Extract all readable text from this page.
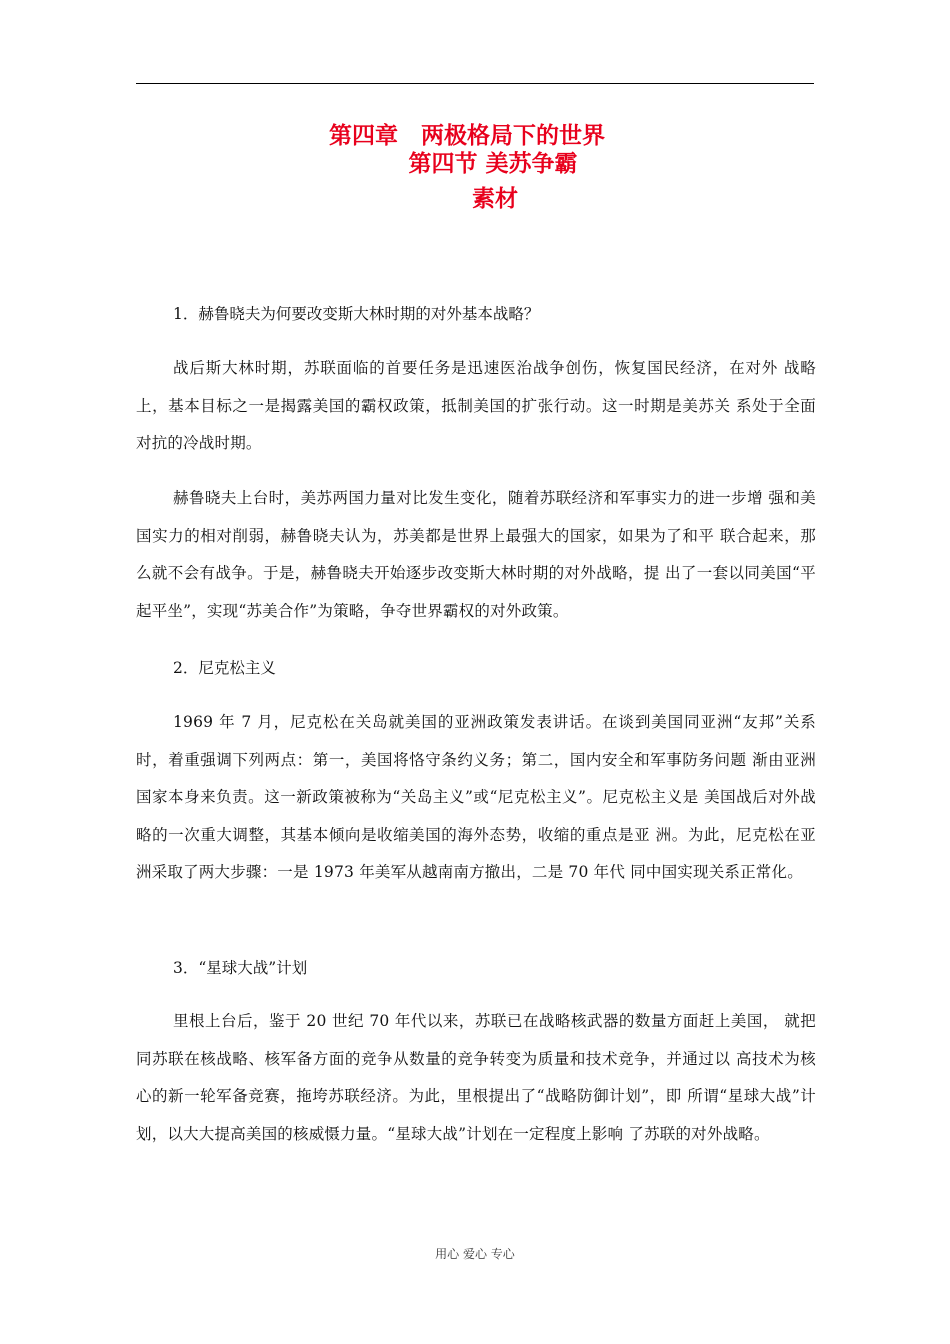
第四章　两极格局下的世界
第四节 美苏争霸
素材
1．赫鲁晓夫为何要改变斯大林时期的对外基本战略？

战后斯大林时期，苏联面临的首要任务是迅速医治战争创伤，恢复国民经济，在对外 战略上，基本目标之一是揭露美国的霸权政策，抵制美国的扩张行动。这一时期是美苏关 系处于全面对抗的冷战时期。

赫鲁晓夫上台时，美苏两国力量对比发生变化，随着苏联经济和军事实力的进一步增 强和美国实力的相对削弱，赫鲁晓夫认为，苏美都是世界上最强大的国家，如果为了和平 联合起来，那么就不会有战争。于是，赫鲁晓夫开始逐步改变斯大林时期的对外战略，提 出了一套以同美国“平起平坐”，实现“苏美合作”为策略，争夺世界霸权的对外政策。

2．尼克松主义

1969 年 7 月，尼克松在关岛就美国的亚洲政策发表讲话。在谈到美国同亚洲“友邦”关系时，着重强调下列两点：第一，美国将恪守条约义务；第二，国内安全和军事防务问题 渐由亚洲国家本身来负责。这一新政策被称为“关岛主义”或“尼克松主义”。尼克松主义是 美国战后对外战略的一次重大调整，其基本倾向是收缩美国的海外态势，收缩的重点是亚 洲。为此，尼克松在亚洲采取了两大步骤：一是 1973 年美军从越南南方撤出，二是 70 年代 同中国实现关系正常化。

3．“星球大战”计划

里根上台后，鉴于 20 世纪 70 年代以来，苏联已在战略核武器的数量方面赶上美国， 就把同苏联在核战略、核军备方面的竞争从数量的竞争转变为质量和技术竞争，并通过以 高技术为核心的新一轮军备竞赛，拖垮苏联经济。为此，里根提出了“战略防御计划”，即 所谓“星球大战”计划，以大大提高美国的核威慑力量。“星球大战”计划在一定程度上影响 了苏联的对外战略。

用心 爱心 专心
